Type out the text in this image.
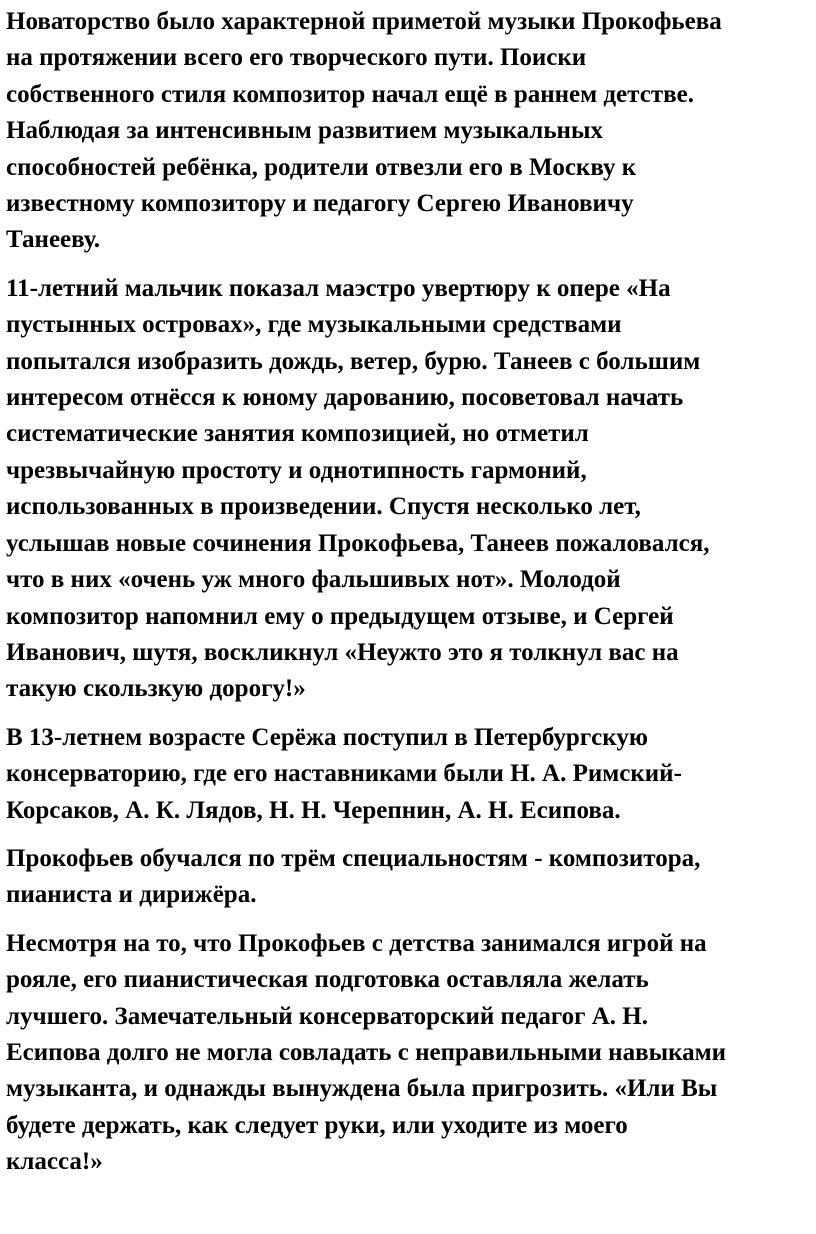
Новаторство было характерной приметой музыки Прокофьева
на протяжении всего его творческого пути. Поиски
собственного стиля композитор начал ещё в раннем детстве.
Наблюдая за интенсивным развитием музыкальных
способностей ребёнка, родители отвезли его в Москву к
известному композитору и педагогу Сергею Ивановичу
Танееву.

11-летний мальчик показал маэстро увертюру к опере «На
пустынных островах», где музыкальными средствами
попытался изобразить дождь, ветер, бурю. Танеев с большим
интересом отнёсся к юному дарованию, посоветовал начать
систематические занятия композицией, но отметил
чрезвычайную простоту и однотипность гармоний,
использованных в произведении. Спустя несколько лет,
услышав новые сочинения Прокофьева, Танеев пожаловался,
что в них «очень уж много фальшивых нот». Молодой
композитор напомнил ему о предыдущем отзыве, и Сергей
Иванович, шутя, воскликнул «Неужто это я толкнул вас на
такую скользкую дорогу!»

В 13-летнем возрасте Серёжа поступил в Петербургскую
консерваторию, где его наставниками были Н. А. Римский-
Корсаков, А. К. Лядов, Н. Н. Черепнин, А. Н. Есипова.

Прокофьев обучался по трём специальностям - композитора,
пианиста и дирижёра.

Несмотря на то, что Прокофьев с детства занимался игрой на
рояле, его пианистическая подготовка оставляла желать
лучшего. Замечательный консерваторский педагог А. Н.
Есипова долго не могла совладать с неправильными навыками
музыканта, и однажды вынуждена была пригрозить. «Или Вы
будете держать, как следует руки, или уходите из моего
класса!»
